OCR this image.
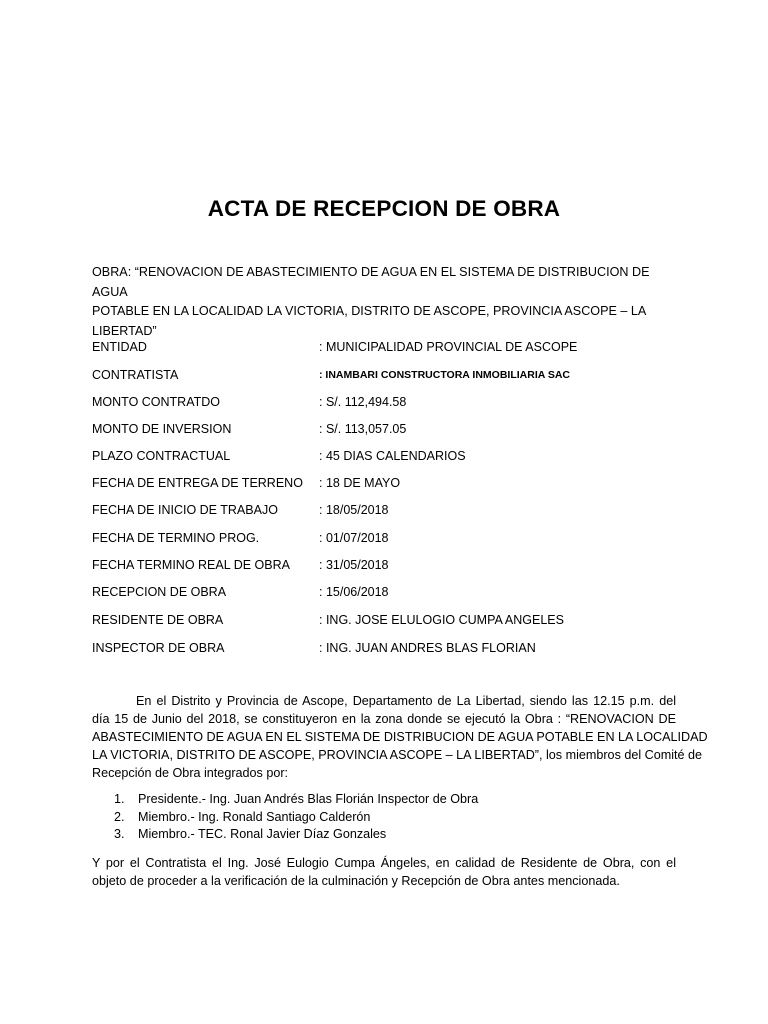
ACTA DE RECEPCION DE OBRA
OBRA: “RENOVACION DE ABASTECIMIENTO DE AGUA EN EL SISTEMA DE DISTRIBUCION DE AGUA
POTABLE EN LA LOCALIDAD LA VICTORIA, DISTRITO DE ASCOPE, PROVINCIA ASCOPE – LA LIBERTAD”
ENTIDAD	: MUNICIPALIDAD PROVINCIAL DE ASCOPE
CONTRATISTA	: INAMBARI CONSTRUCTORA INMOBILIARIA SAC
MONTO CONTRATDO	: S/. 112,494.58
MONTO DE INVERSION	: S/. 113,057.05
PLAZO CONTRACTUAL	: 45 DIAS CALENDARIOS
FECHA DE ENTREGA DE TERRENO : 18 DE MAYO
FECHA DE INICIO DE TRABAJO	: 18/05/2018
FECHA DE TERMINO PROG.	: 01/07/2018
FECHA TERMINO REAL DE OBRA : 31/05/2018
RECEPCION DE OBRA	: 15/06/2018
RESIDENTE DE OBRA	: ING. JOSE ELULOGIO CUMPA ANGELES
INSPECTOR DE OBRA	: ING. JUAN ANDRES BLAS FLORIAN
En el Distrito y Provincia de Ascope, Departamento de La Libertad, siendo las 12.15 p.m. del
día 15 de Junio del 2018, se constituyeron en la zona donde se ejecutó la Obra : “RENOVACION DE
ABASTECIMIENTO DE AGUA EN EL SISTEMA DE DISTRIBUCION DE AGUA POTABLE EN LA LOCALIDAD
LA VICTORIA, DISTRITO DE ASCOPE, PROVINCIA ASCOPE – LA LIBERTAD”, los miembros del Comité de
Recepción de Obra integrados por:
1. Presidente.- Ing. Juan Andrés Blas Florián Inspector de Obra
2. Miembro.- Ing. Ronald Santiago Calderón
3. Miembro.- TEC. Ronal Javier Díaz Gonzales
Y por el Contratista el Ing. José Eulogio Cumpa Ángeles, en calidad de Residente de Obra, con el
objeto de proceder a la verificación de la culminación y Recepción de Obra antes mencionada.
